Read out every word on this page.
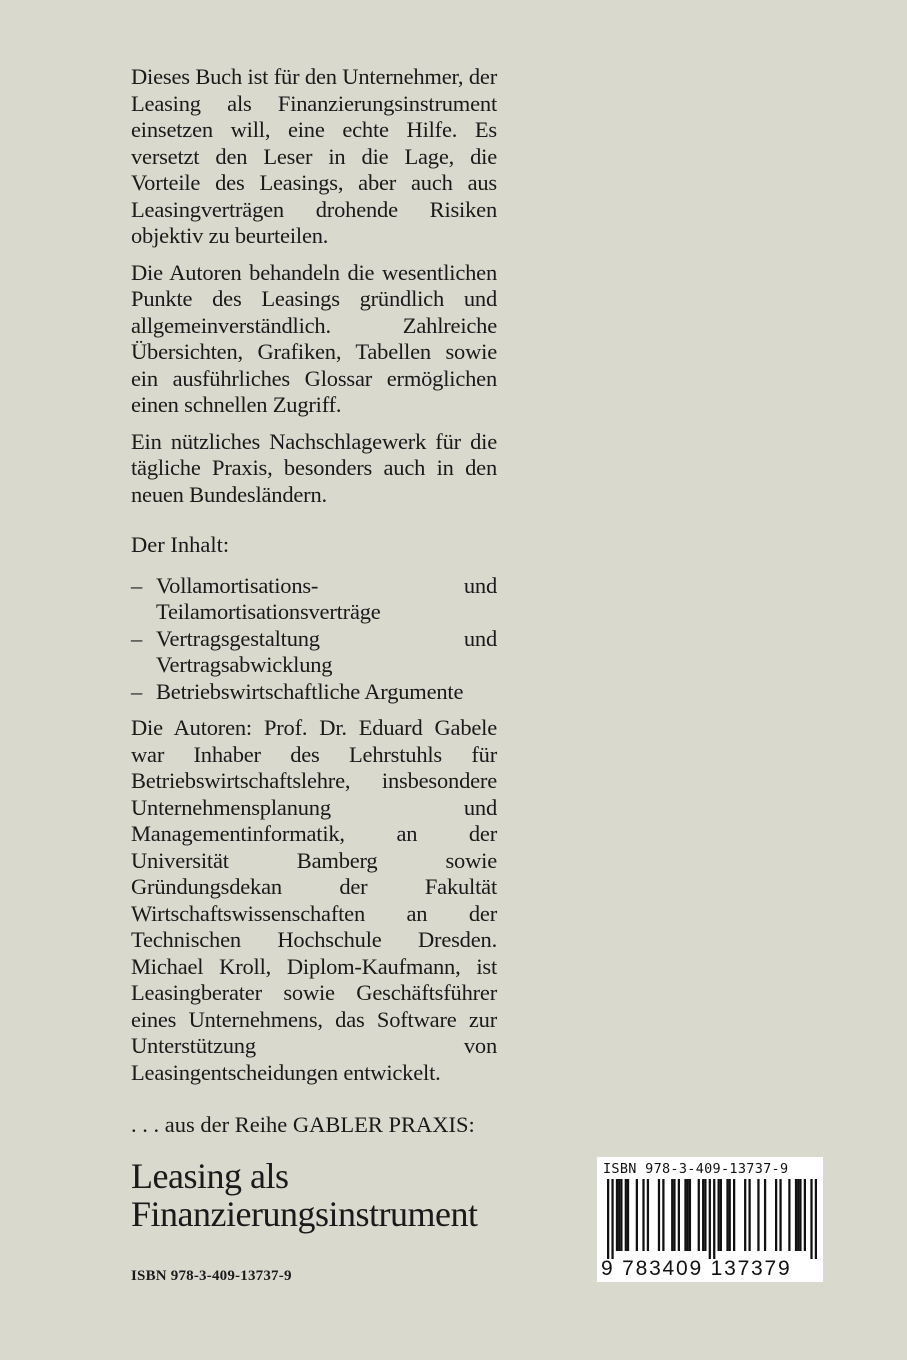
Dieses Buch ist für den Unternehmer, der Leasing als Finanzierungsinstrument einsetzen will, eine echte Hilfe. Es versetzt den Leser in die Lage, die Vorteile des Leasings, aber auch aus Leasingverträgen drohende Risiken objektiv zu beurteilen.

Die Autoren behandeln die wesentlichen Punkte des Leasings gründlich und allgemeinverständlich. Zahlreiche Übersichten, Grafiken, Tabellen sowie ein ausführliches Glossar ermöglichen einen schnellen Zugriff.

Ein nützliches Nachschlagewerk für die tägliche Praxis, besonders auch in den neuen Bundesländern.

Der Inhalt:

– Vollamortisations- und Teilamortisationsverträge
– Vertragsgestaltung und Vertragsabwicklung
– Betriebswirtschaftliche Argumente

Die Autoren: Prof. Dr. Eduard Gabele war Inhaber des Lehrstuhls für Betriebswirtschaftslehre, insbesondere Unternehmensplanung und Managementinformatik, an der Universität Bamberg sowie Gründungsdekan der Fakultät Wirtschaftswissenschaften an der Technischen Hochschule Dresden. Michael Kroll, Diplom-Kaufmann, ist Leasingberater sowie Geschäftsführer eines Unternehmens, das Software zur Unterstützung von Leasingentscheidungen entwickelt.

. . . aus der Reihe GABLER PRAXIS:

Leasing als

Finanzierungsinstrument

ISBN 978-3-409-13737-9
ISBN 978-3-409-13737-9
9 783409 137379
